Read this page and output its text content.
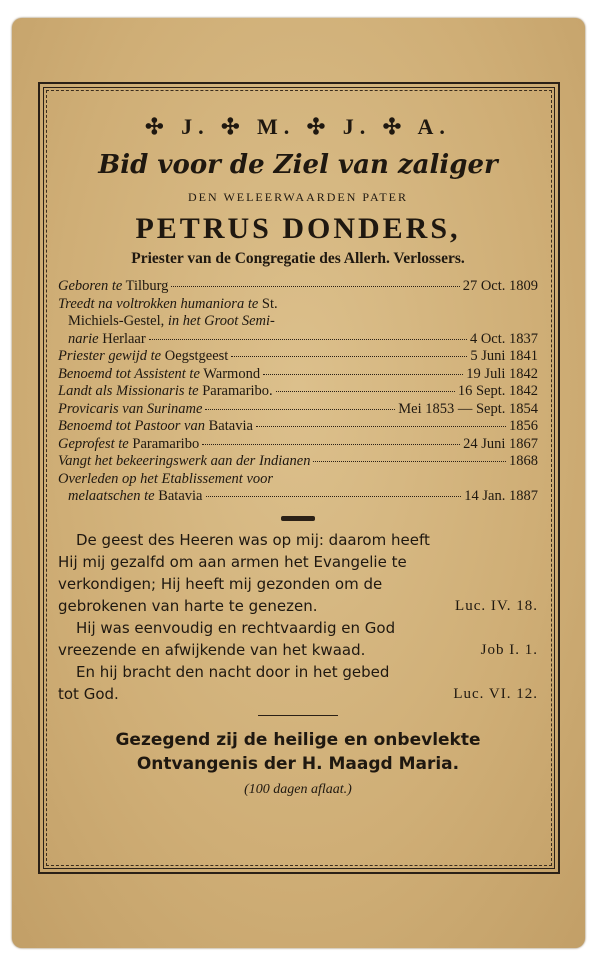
✣ J. ✣ M. ✣ J. ✣ A.
Bid voor de Ziel van zaliger
DEN WELEERWAARDEN PATER
PETRUS DONDERS,
Priester van de Congregatie des Allerh. Verlossers.
Geboren te Tilburg	27 Oct. 1809
Treedt na voltrokken humaniora te St.
Michiels-Gestel, in het Groot Semi-
narie Herlaar	4 Oct. 1837
Priester gewijd te Oegstgeest	5 Juni 1841
Benoemd tot Assistent te Warmond	19 Juli 1842
Landt als Missionaris te Paramaribo.	16 Sept. 1842
Provicaris van Suriname	Mei 1853 — Sept. 1854
Benoemd tot Pastoor van Batavia	1856
Geprofest te Paramaribo	24 Juni 1867
Vangt het bekeeringswerk aan der Indianen	1868
Overleden op het Etablissement voor
melaatschen te Batavia	14 Jan. 1887
De geest des Heeren was op mij: daarom heeft
Hij mij gezalfd om aan armen het Evangelie te
verkondigen; Hij heeft mij gezonden om de
gebrokenen van harte te genezen.	Luc. IV. 18.
Hij was eenvoudig en rechtvaardig en God
vreezende en afwijkende van het kwaad.	Job I. 1.
En hij bracht den nacht door in het gebed
tot God.	Luc. VI. 12.
Gezegend zij de heilige en onbevlekte
Ontvangenis der H. Maagd Maria.
(100 dagen aflaat.)
